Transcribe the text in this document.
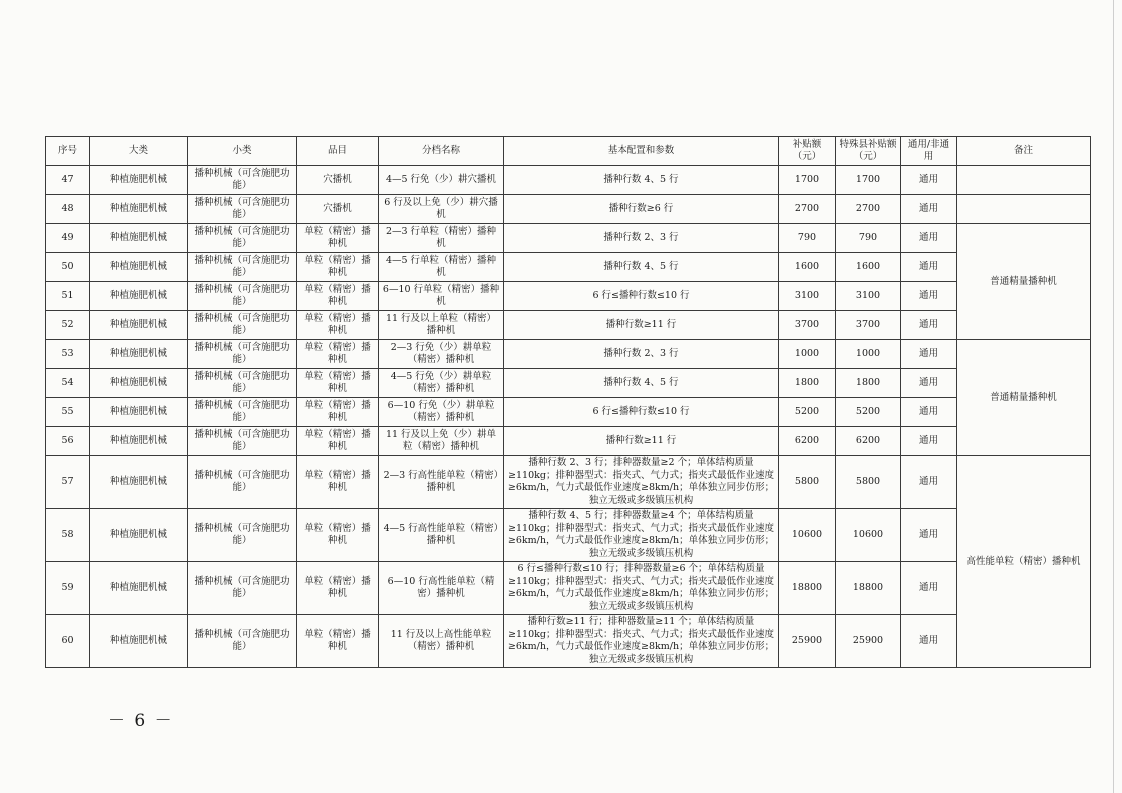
序号	大类	小类	品目	分档名称	基本配置和参数	补贴额（元）	特殊县补贴额（元）	通用/非通用	备注
47	种植施肥机械	播种机械（可含施肥功能）	穴播机	4—5 行免（少）耕穴播机	播种行数 4、5 行	1700	1700	通用	
48	种植施肥机械	播种机械（可含施肥功能）	穴播机	6 行及以上免（少）耕穴播机	播种行数≥6 行	2700	2700	通用	
49	种植施肥机械	播种机械（可含施肥功能）	单粒（精密）播种机	2—3 行单粒（精密）播种机	播种行数 2、3 行	790	790	通用	普通精量播种机
50	种植施肥机械	播种机械（可含施肥功能）	单粒（精密）播种机	4—5 行单粒（精密）播种机	播种行数 4、5 行	1600	1600	通用	
51	种植施肥机械	播种机械（可含施肥功能）	单粒（精密）播种机	6—10 行单粒（精密）播种机	6 行≤播种行数≤10 行	3100	3100	通用	
52	种植施肥机械	播种机械（可含施肥功能）	单粒（精密）播种机	11 行及以上单粒（精密）播种机	播种行数≥11 行	3700	3700	通用	
53	种植施肥机械	播种机械（可含施肥功能）	单粒（精密）播种机	2—3 行免（少）耕单粒（精密）播种机	播种行数 2、3 行	1000	1000	通用	普通精量播种机
54	种植施肥机械	播种机械（可含施肥功能）	单粒（精密）播种机	4—5 行免（少）耕单粒（精密）播种机	播种行数 4、5 行	1800	1800	通用	
55	种植施肥机械	播种机械（可含施肥功能）	单粒（精密）播种机	6—10 行免（少）耕单粒（精密）播种机	6 行≤播种行数≤10 行	5200	5200	通用	
56	种植施肥机械	播种机械（可含施肥功能）	单粒（精密）播种机	11 行及以上免（少）耕单粒（精密）播种机	播种行数≥11 行	6200	6200	通用	
57	种植施肥机械	播种机械（可含施肥功能）	单粒（精密）播种机	2—3 行高性能单粒（精密）播种机	播种行数 2、3 行；排种器数量≥2 个；单体结构质量≥110kg；排种器型式：指夹式、气力式；指夹式最低作业速度≥6km/h，气力式最低作业速度≥8km/h；单体独立同步仿形；独立无级或多级镇压机构	5800	5800	通用	高性能单粒（精密）播种机
58	种植施肥机械	播种机械（可含施肥功能）	单粒（精密）播种机	4—5 行高性能单粒（精密）播种机	播种行数 4、5 行；排种器数量≥4 个；单体结构质量≥110kg；排种器型式：指夹式、气力式；指夹式最低作业速度≥6km/h，气力式最低作业速度≥8km/h；单体独立同步仿形；独立无级或多级镇压机构	10600	10600	通用	
59	种植施肥机械	播种机械（可含施肥功能）	单粒（精密）播种机	6—10 行高性能单粒（精密）播种机	6 行≤播种行数≤10 行；排种器数量≥6 个；单体结构质量≥110kg；排种器型式：指夹式、气力式；指夹式最低作业速度≥6km/h，气力式最低作业速度≥8km/h；单体独立同步仿形；独立无级或多级镇压机构	18800	18800	通用	
60	种植施肥机械	播种机械（可含施肥功能）	单粒（精密）播种机	11 行及以上高性能单粒（精密）播种机	播种行数≥11 行；排种器数量≥11 个；单体结构质量≥110kg；排种器型式：指夹式、气力式；指夹式最低作业速度≥6km/h，气力式最低作业速度≥8km/h；单体独立同步仿形；独立无级或多级镇压机构	25900	25900	通用	
－ 6 －
